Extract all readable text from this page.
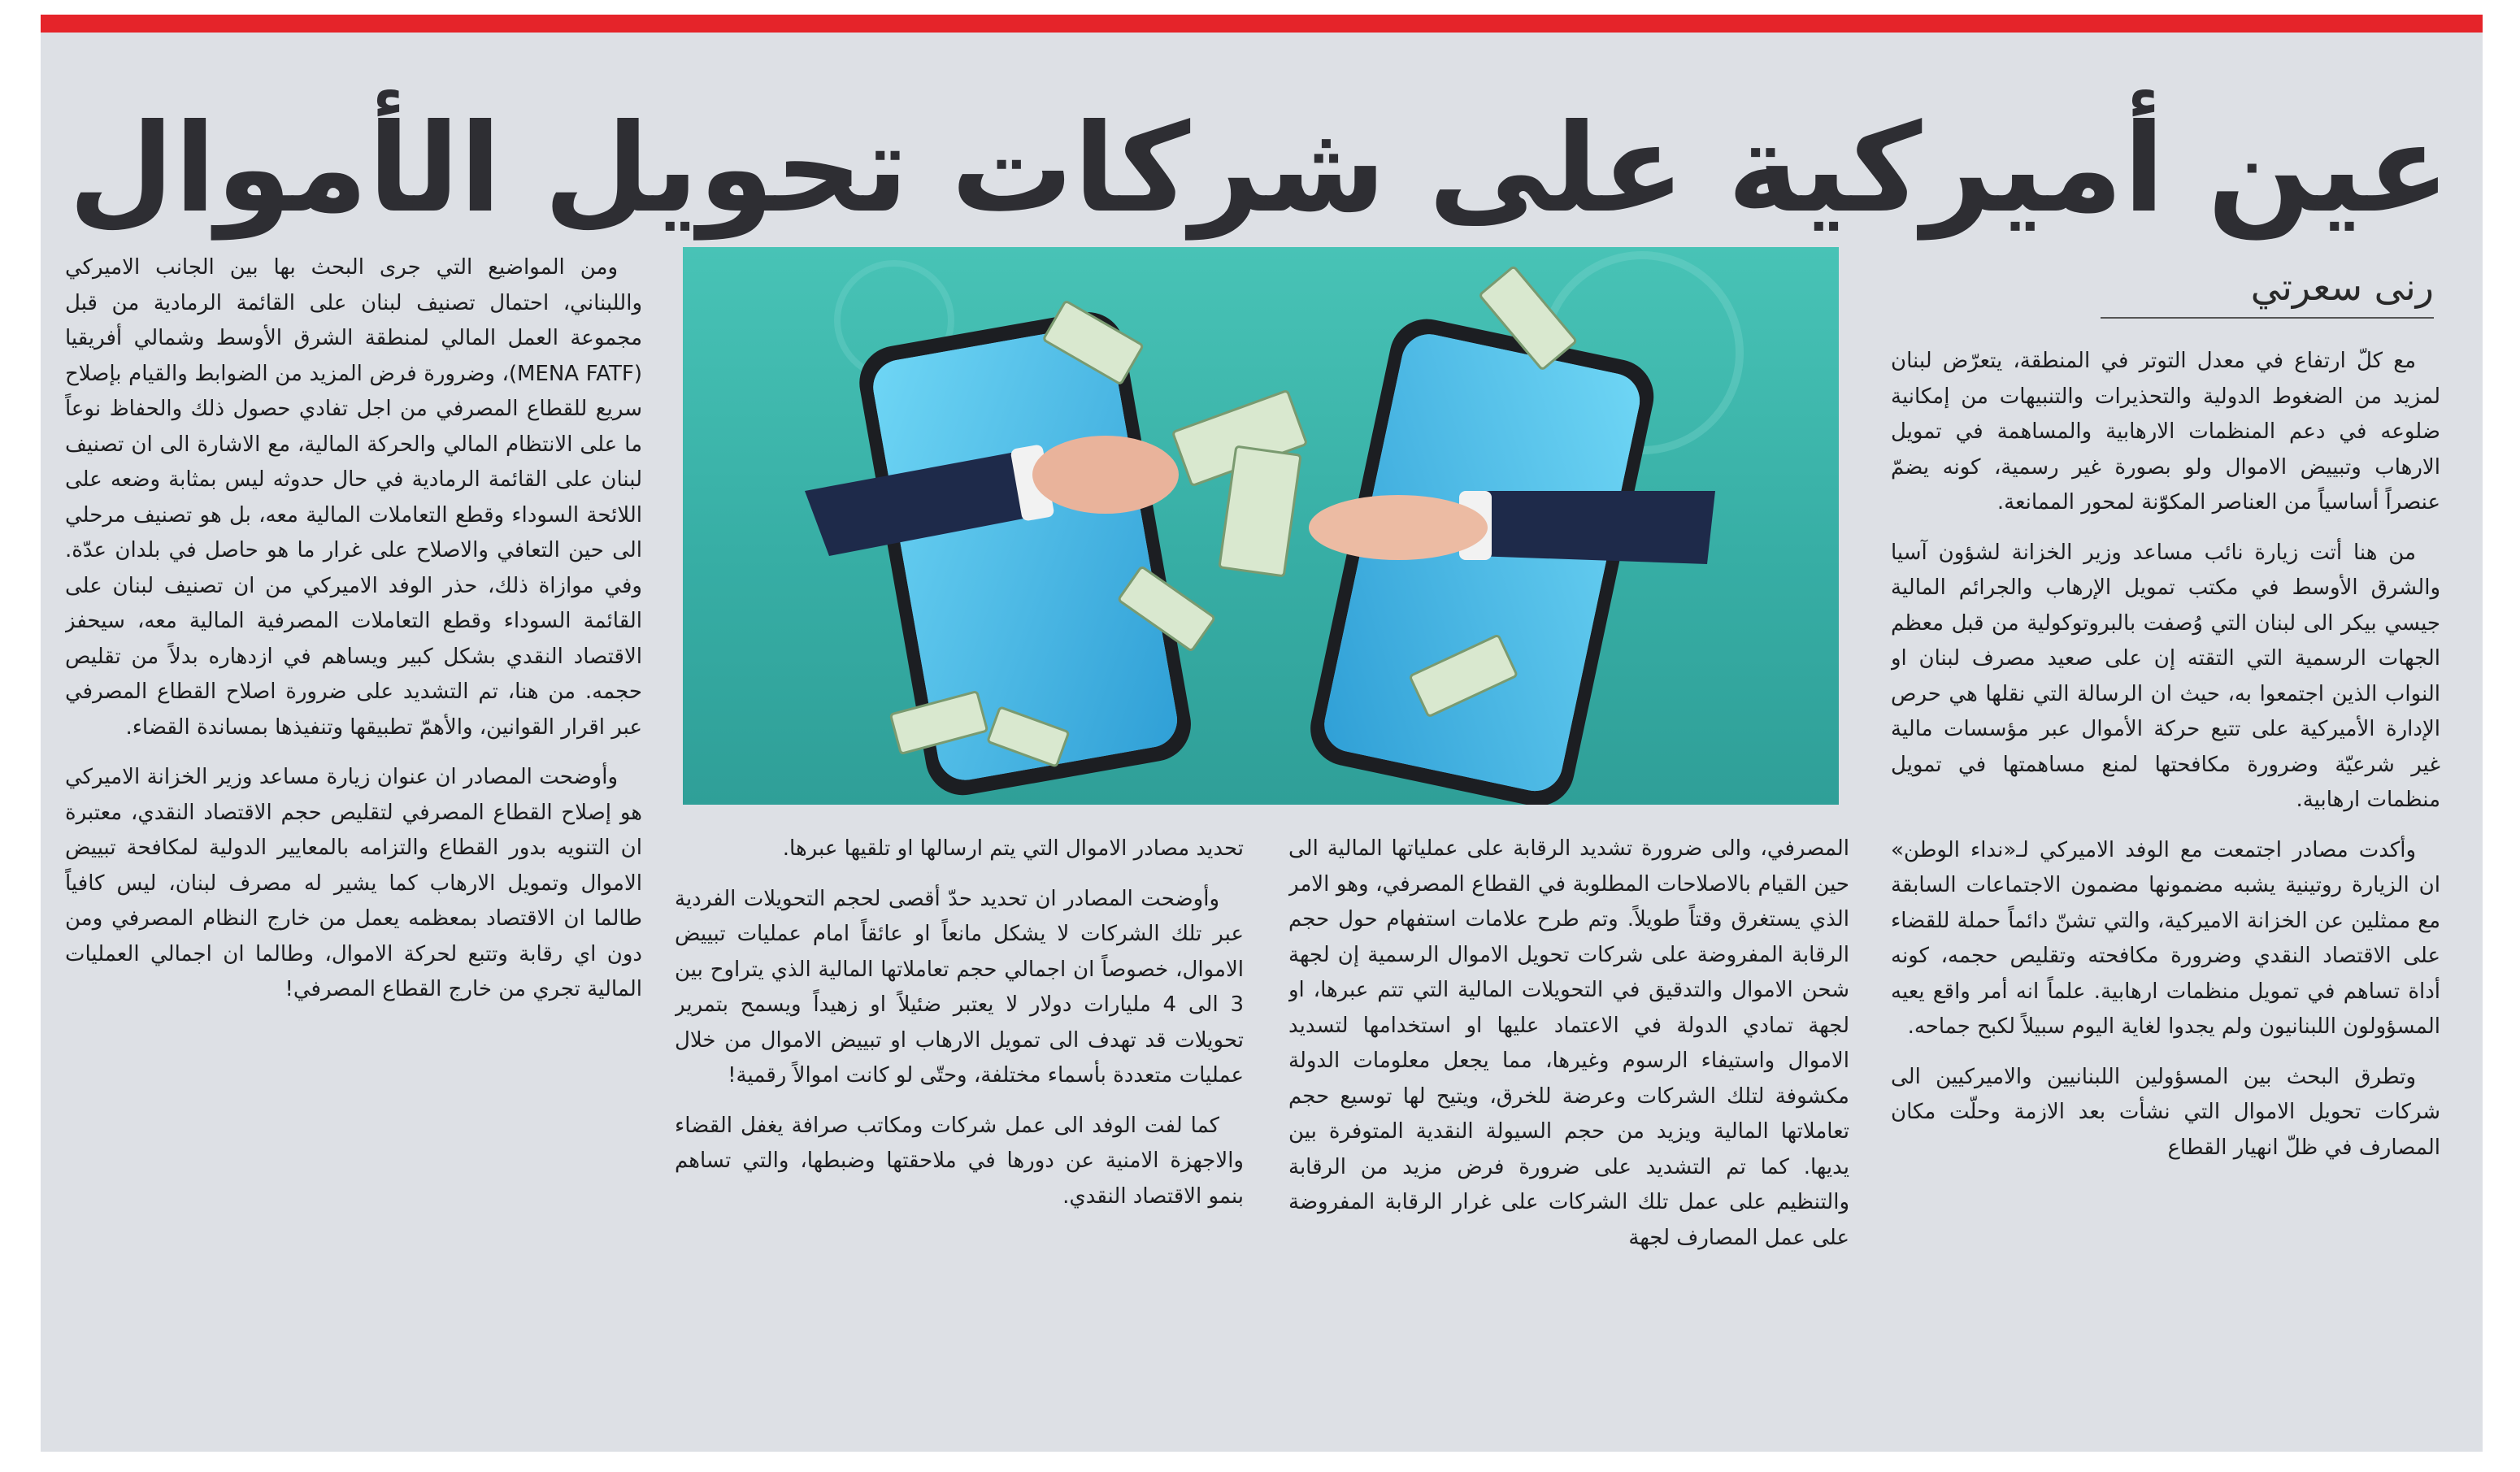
عين أميركية على شركات تحويل الأموال
رنى سعرتي

مع كلّ ارتفاع في معدل التوتر في المنطقة، يتعرّض لبنان لمزيد من الضغوط الدولية والتحذيرات والتنبيهات من إمكانية ضلوعه في دعم المنظمات الارهابية والمساهمة في تمويل الارهاب وتبييض الاموال ولو بصورة غير رسمية، كونه يضمّ عنصراً أساسياً من العناصر المكوّنة لمحور الممانعة.

من هنا أتت زيارة نائب مساعد وزير الخزانة لشؤون آسيا والشرق الأوسط في مكتب تمويل الإرهاب والجرائم المالية جيسي بيكر الى لبنان التي وُصفت بالبروتوكولية من قبل معظم الجهات الرسمية التي التقته إن على صعيد مصرف لبنان او النواب الذين اجتمعوا به، حيث ان الرسالة التي نقلها هي حرص الإدارة الأميركية على تتبع حركة الأموال عبر مؤسسات مالية غير شرعيّة وضرورة مكافحتها لمنع مساهمتها في تمويل منظمات ارهابية.

وأكدت مصادر اجتمعت مع الوفد الاميركي لـ«نداء الوطن» ان الزيارة روتينية يشبه مضمونها مضمون الاجتماعات السابقة مع ممثلين عن الخزانة الاميركية، والتي تشنّ دائماً حملة للقضاء على الاقتصاد النقدي وضرورة مكافحته وتقليص حجمه، كونه أداة تساهم في تمويل منظمات ارهابية. علماً انه أمر واقع يعيه المسؤولون اللبنانيون ولم يجدوا لغاية اليوم سبيلاً لكبح جماحه.

وتطرق البحث بين المسؤولين اللبنانيين والاميركيين الى شركات تحويل الاموال التي نشأت بعد الازمة وحلّت مكان المصارف في ظلّ انهيار القطاع

المصرفي، والى ضرورة تشديد الرقابة على عملياتها المالية الى حين القيام بالاصلاحات المطلوبة في القطاع المصرفي، وهو الامر الذي يستغرق وقتاً طويلاً. وتم طرح علامات استفهام حول حجم الرقابة المفروضة على شركات تحويل الاموال الرسمية إن لجهة شحن الاموال والتدقيق في التحويلات المالية التي تتم عبرها، او لجهة تمادي الدولة في الاعتماد عليها او استخدامها لتسديد الاموال واستيفاء الرسوم وغيرها، مما يجعل معلومات الدولة مكشوفة لتلك الشركات وعرضة للخرق، ويتيح لها توسيع حجم تعاملاتها المالية ويزيد من حجم السيولة النقدية المتوفرة بين يديها. كما تم التشديد على ضرورة فرض مزيد من الرقابة والتنظيم على عمل تلك الشركات على غرار الرقابة المفروضة على عمل المصارف لجهة

تحديد مصادر الاموال التي يتم ارسالها او تلقيها عبرها.

وأوضحت المصادر ان تحديد حدّ أقصى لحجم التحويلات الفردية عبر تلك الشركات لا يشكل مانعاً او عائقاً امام عمليات تبييض الاموال، خصوصاً ان اجمالي حجم تعاملاتها المالية الذي يتراوح بين 3 الى 4 مليارات دولار لا يعتبر ضئيلاً او زهيداً ويسمح بتمرير تحويلات قد تهدف الى تمويل الارهاب او تبييض الاموال من خلال عمليات متعددة بأسماء مختلفة، وحتّى لو كانت اموالاً رقمية!

كما لفت الوفد الى عمل شركات ومكاتب صرافة يغفل القضاء والاجهزة الامنية عن دورها في ملاحقتها وضبطها، والتي تساهم بنمو الاقتصاد النقدي.

ومن المواضيع التي جرى البحث بها بين الجانب الاميركي واللبناني، احتمال تصنيف لبنان على القائمة الرمادية من قبل مجموعة العمل المالي لمنطقة الشرق الأوسط وشمالي أفريقيا (MENA FATF)، وضرورة فرض المزيد من الضوابط والقيام بإصلاح سريع للقطاع المصرفي من اجل تفادي حصول ذلك والحفاظ نوعاً ما على الانتظام المالي والحركة المالية، مع الاشارة الى ان تصنيف لبنان على القائمة الرمادية في حال حدوثه ليس بمثابة وضعه على اللائحة السوداء وقطع التعاملات المالية معه، بل هو تصنيف مرحلي الى حين التعافي والاصلاح على غرار ما هو حاصل في بلدان عدّة. وفي موازاة ذلك، حذر الوفد الاميركي من ان تصنيف لبنان على القائمة السوداء وقطع التعاملات المصرفية المالية معه، سيحفز الاقتصاد النقدي بشكل كبير ويساهم في ازدهاره بدلاً من تقليص حجمه. من هنا، تم التشديد على ضرورة اصلاح القطاع المصرفي عبر اقرار القوانين، والأهمّ تطبيقها وتنفيذها بمساندة القضاء.

وأوضحت المصادر ان عنوان زيارة مساعد وزير الخزانة الاميركي هو إصلاح القطاع المصرفي لتقليص حجم الاقتصاد النقدي، معتبرة ان التنويه بدور القطاع والتزامه بالمعايير الدولية لمكافحة تبييض الاموال وتمويل الارهاب كما يشير له مصرف لبنان، ليس كافياً طالما ان الاقتصاد بمعظمه يعمل من خارج النظام المصرفي ومن دون اي رقابة وتتبع لحركة الاموال، وطالما ان اجمالي العمليات المالية تجري من خارج القطاع المصرفي!
